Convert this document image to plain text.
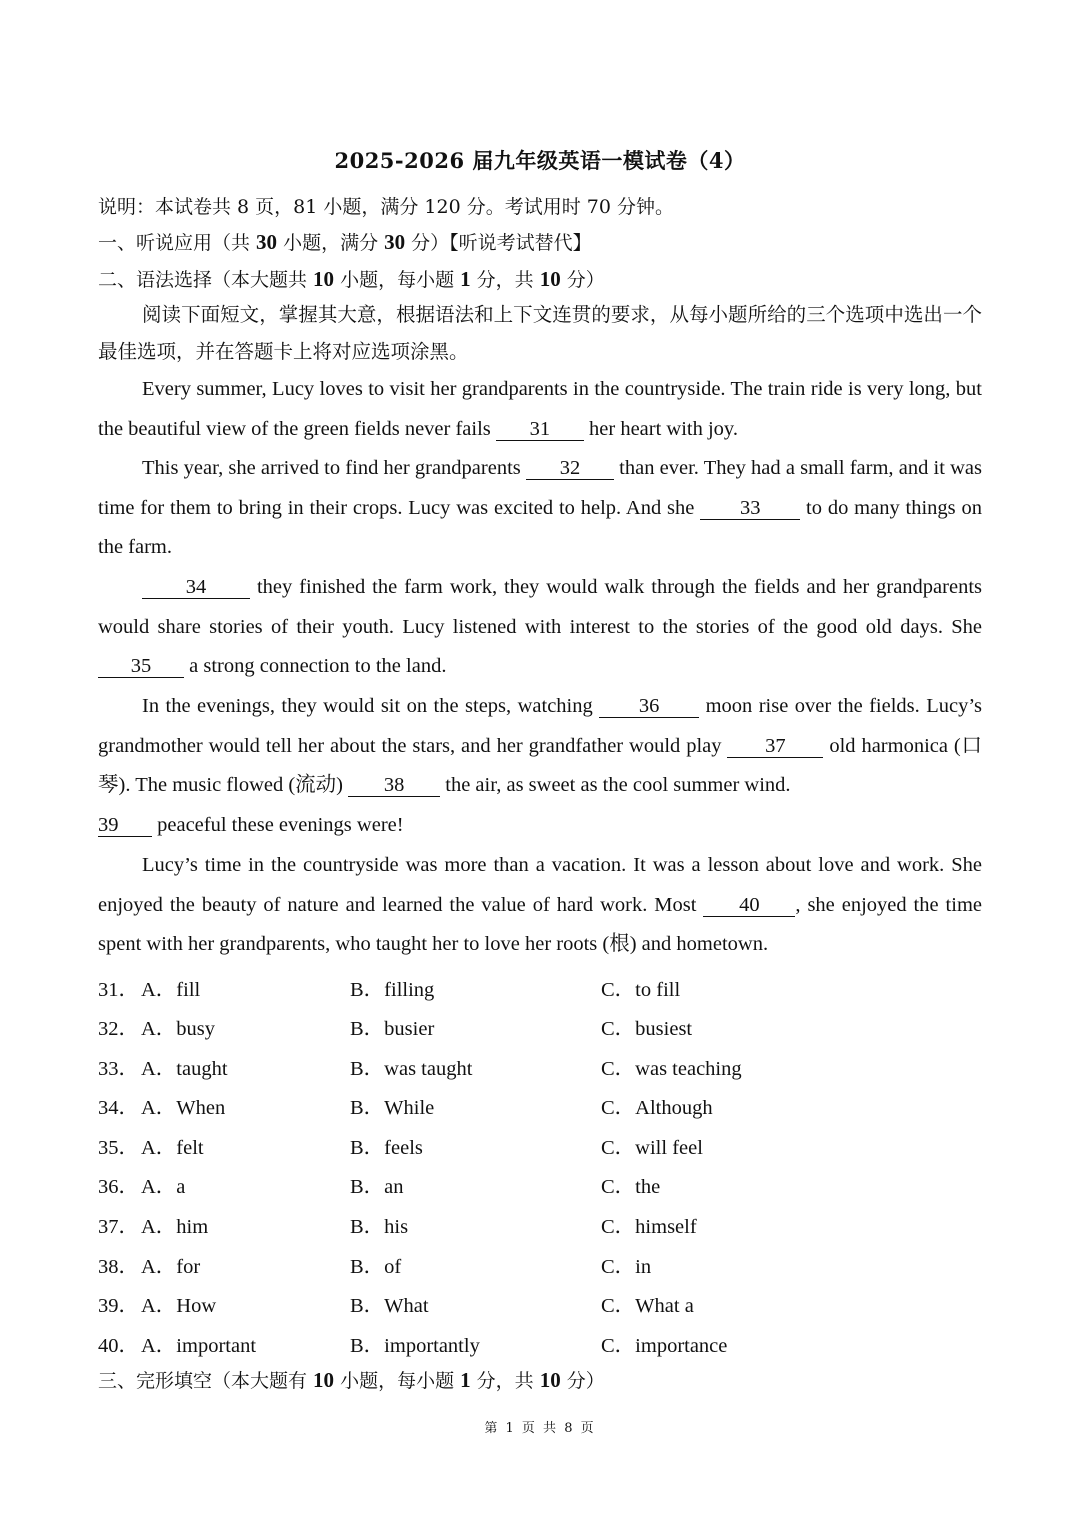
2025-2026 届九年级英语一模试卷（4）
说明：本试卷共 8 页，81 小题，满分 120 分。考试用时 70 分钟。
一、听说应用（共 30 小题，满分 30 分）【听说考试替代】
二、语法选择（本大题共 10 小题，每小题 1 分，共 10 分）
阅读下面短文，掌握其大意，根据语法和上下文连贯的要求，从每小题所给的三个选项中选出一个最佳选项，并在答题卡上将对应选项涂黑。
Every summer, Lucy loves to visit her grandparents in the countryside. The train ride is very long, but the beautiful view of the green fields never fails 31 her heart with joy.
This year, she arrived to find her grandparents 32 than ever. They had a small farm, and it was time for them to bring in their crops. Lucy was excited to help. And she 33 to do many things on the farm.
34 they finished the farm work, they would walk through the fields and her grandparents would share stories of their youth. Lucy listened with interest to the stories of the good old days. She 35 a strong connection to the land.
In the evenings, they would sit on the steps, watching 36 moon rise over the fields. Lucy’s grandmother would tell her about the stars, and her grandfather would play 37 old harmonica (口琴). The music flowed (流动) 38 the air, as sweet as the cool summer wind.
39 peaceful these evenings were!
Lucy’s time in the countryside was more than a vacation. It was a lesson about love and work. She enjoyed the beauty of nature and learned the value of hard work. Most 40 , she enjoyed the time spent with her grandparents, who taught her to love her roots (根) and hometown.
31． A．fill	B．filling	C．to fill
32． A．busy	B．busier	C．busiest
33． A．taught	B．was taught	C．was teaching
34． A．When	B．While	C．Although
35． A．felt	B．feels	C．will feel
36． A．a	B．an	C．the
37． A．him	B．his	C．himself
38． A．for	B．of	C．in
39． A．How	B．What	C．What a
40． A．important	B．importantly	C．importance
三、完形填空（本大题有 10 小题，每小题 1 分，共 10 分）
第 1 页 共 8 页
